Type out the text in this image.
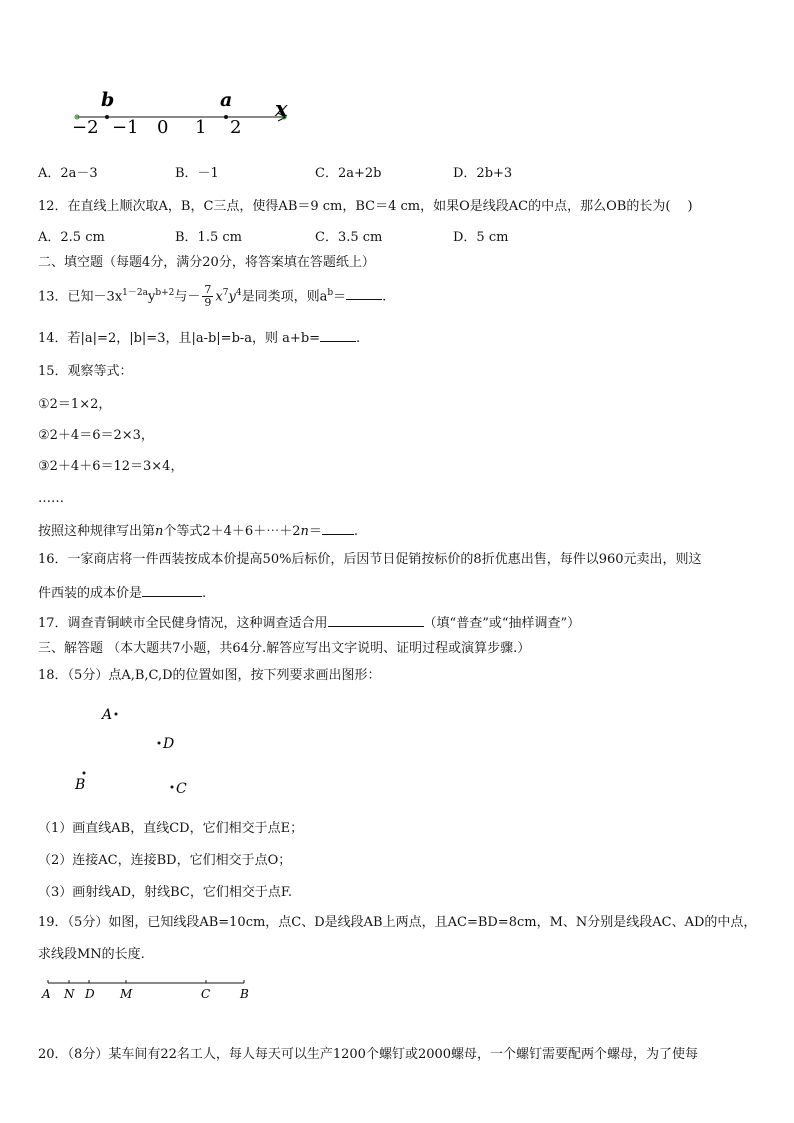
b	a x
−2 −1 0 1 2
A．2a－3	B．－1	C．2a+2b	D．2b+3
12．在直线上顺次取A，B，C三点，使得AB＝9 cm，BC＝4 cm，如果O是线段AC的中点，那么OB的长为(　 )
A．2.5 cm	B．1.5 cm	C．3.5 cm	D．5 cm
二、填空题（每题4分，满分20分，将答案填在答题纸上）
13．已知$-3x^{1-2a}y^{b+2}$与－ $\frac{7}{9} x^7y^4$是同类项，则$a^b=$	.
14．若|a|=2，|b|=3，且|a-b|=b-a，则 a+b=	.
15．观察等式：
①2＝1×2，
②2＋4＝6＝2×3，
③2＋4＋6＝12＝3×4，
……
按照这种规律写出第n个等式2＋4＋6＋⋯＋2n＝ .
16．一家商店将一件西装按成本价提高50%后标价，后因节日促销按标价的8折优惠出售，每件以960元卖出，则这
件西装的成本价是	.
17．调查青铜峡市全民健身情况，这种调查适合用	（填“普查”或“抽样调查”）
三、解答题 （本大题共7小题，共64分.解答应写出文字说明、证明过程或演算步骤.）
18．（5分）点A,B,C,D的位置如图，按下列要求画出图形：
A
D
B	C
（1）画直线AB，直线CD，它们相交于点E；
（2）连接AC，连接BD，它们相交于点O；
（3）画射线AD，射线BC，它们相交于点F.
19．（5分）如图，已知线段AB=10cm，点C、D是线段AB上两点，且AC=BD=8cm，M、N分别是线段AC、AD的中点，
求线段MN的长度.
A N D M	C B
20．（8分）某车间有22名工人，每人每天可以生产1200个螺钉或2000螺母，一个螺钉需要配两个螺母，为了使每
